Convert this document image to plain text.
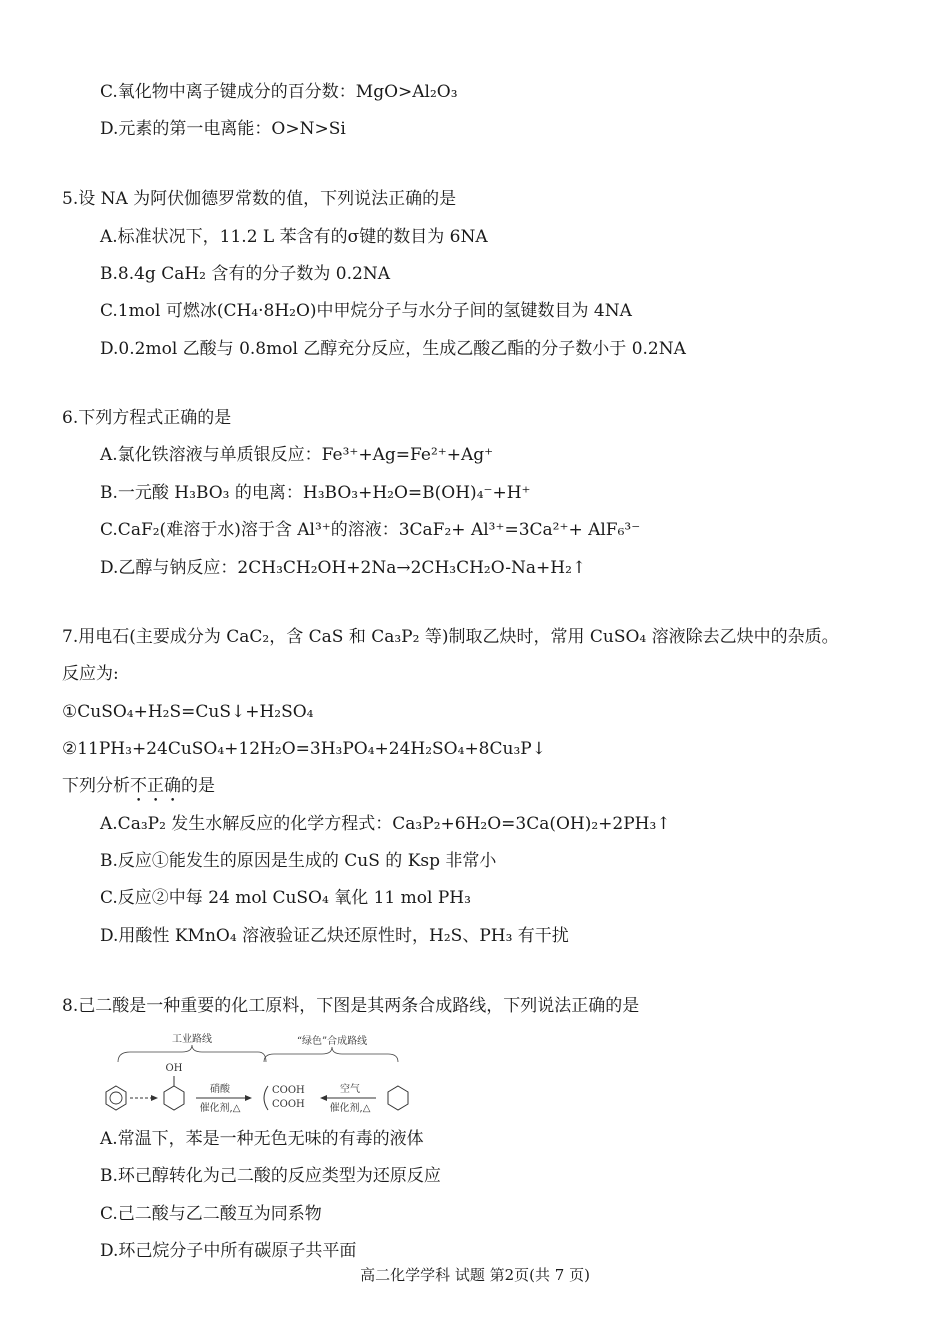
C.氧化物中离子键成分的百分数：MgO>Al₂O₃
D.元素的第一电离能：O>N>Si
5.设 NA 为阿伏伽德罗常数的值，下列说法正确的是
A.标准状况下，11.2 L 苯含有的σ键的数目为 6NA
B.8.4g CaH₂ 含有的分子数为 0.2NA
C.1mol 可燃冰(CH₄·8H₂O)中甲烷分子与水分子间的氢键数目为 4NA
D.0.2mol 乙酸与 0.8mol 乙醇充分反应，生成乙酸乙酯的分子数小于 0.2NA
6.下列方程式正确的是
A.氯化铁溶液与单质银反应：Fe³⁺+Ag=Fe²⁺+Ag⁺
B.一元酸 H₃BO₃ 的电离：H₃BO₃+H₂O=B(OH)₄⁻+H⁺
C.CaF₂(难溶于水)溶于含 Al³⁺的溶液：3CaF₂+ Al³⁺=3Ca²⁺+ AlF₆³⁻
D.乙醇与钠反应：2CH₃CH₂OH+2Na→2CH₃CH₂O-Na+H₂↑
7.用电石(主要成分为 CaC₂，含 CaS 和 Ca₃P₂ 等)制取乙炔时，常用 CuSO₄ 溶液除去乙炔中的杂质。
反应为:
①CuSO₄+H₂S=CuS↓+H₂SO₄
②11PH₃+24CuSO₄+12H₂O=3H₃PO₄+24H₂SO₄+8Cu₃P↓
下列分析不正确的是
A.Ca₃P₂ 发生水解反应的化学方程式：Ca₃P₂+6H₂O=3Ca(OH)₂+2PH₃↑
B.反应①能发生的原因是生成的 CuS 的 Ksp 非常小
C.反应②中每 24 mol CuSO₄ 氧化 11 mol PH₃
D.用酸性 KMnO₄ 溶液验证乙炔还原性时，H₂S、PH₃ 有干扰
8.己二酸是一种重要的化工原料，下图是其两条合成路线，下列说法正确的是
工业路线	“绿色”合成路线
OH
硝酸
催化剂,△
COOH
COOH
空气
催化剂,△
A.常温下，苯是一种无色无味的有毒的液体
B.环己醇转化为己二酸的反应类型为还原反应
C.己二酸与乙二酸互为同系物
D.环己烷分子中所有碳原子共平面
高二化学学科 试题 第2页(共 7 页)
